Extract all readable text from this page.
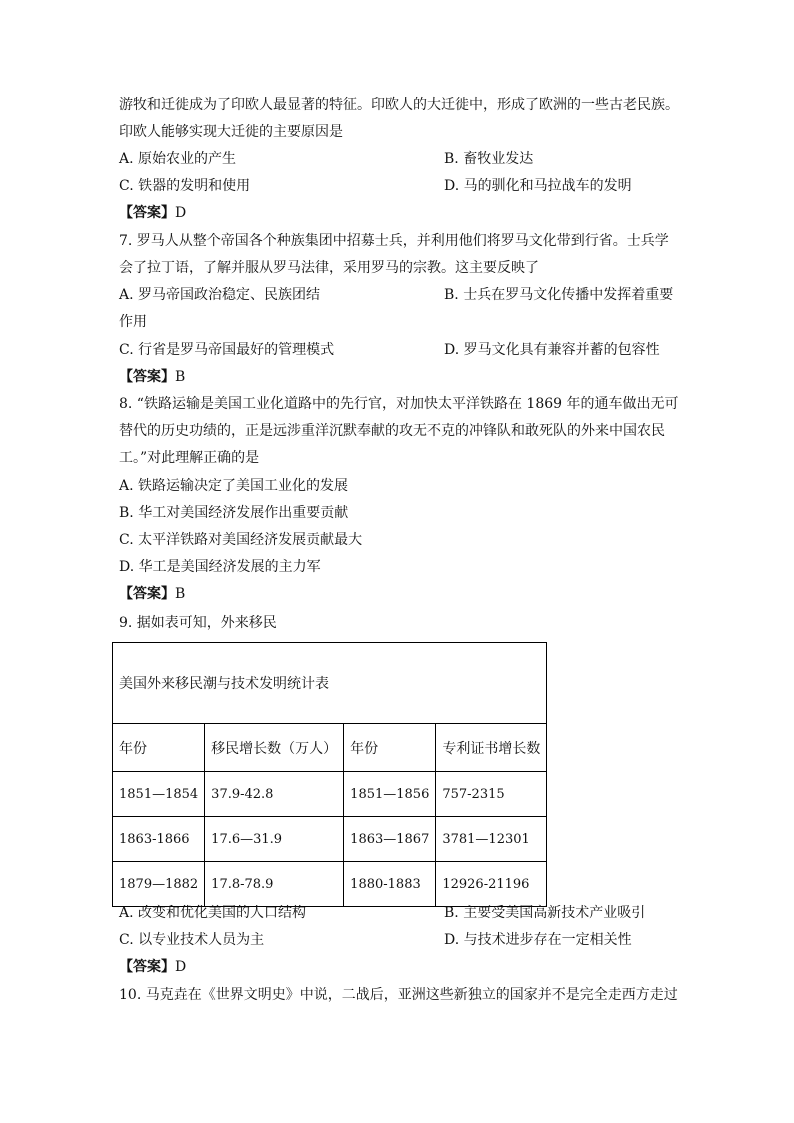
游牧和迁徙成为了印欧人最显著的特征。印欧人的大迁徙中，形成了欧洲的一些古老民族。
印欧人能够实现大迁徙的主要原因是
A. 原始农业的产生	B. 畜牧业发达
C. 铁器的发明和使用	D. 马的驯化和马拉战车的发明
【答案】D
7. 罗马人从整个帝国各个种族集团中招募士兵，并利用他们将罗马文化带到行省。士兵学
会了拉丁语，了解并服从罗马法律，采用罗马的宗教。这主要反映了
A. 罗马帝国政治稳定、民族团结	B. 士兵在罗马文化传播中发挥着重要
作用
C. 行省是罗马帝国最好的管理模式	D. 罗马文化具有兼容并蓄的包容性
【答案】B
8. “铁路运输是美国工业化道路中的先行官，对加快太平洋铁路在 1869 年的通车做出无可
替代的历史功绩的，正是远涉重洋沉默奉献的攻无不克的冲锋队和敢死队的外来中国农民
工。”对此理解正确的是
A. 铁路运输决定了美国工业化的发展
B. 华工对美国经济发展作出重要贡献
C. 太平洋铁路对美国经济发展贡献最大
D. 华工是美国经济发展的主力军
【答案】B
9. 据如表可知，外来移民
美国外来移民潮与技术发明统计表			
年份	移民增长数（万人）	年份	专利证书增长数
1851—1854	37.9-42.8	1851—1856	757-2315
1863-1866	17.6—31.9	1863—1867	3781—12301
1879—1882	17.8-78.9	1880-1883	12926-21196
A. 改变和优化美国的人口结构	B. 主要受美国高新技术产业吸引
C. 以专业技术人员为主	D. 与技术进步存在一定相关性
【答案】D
10. 马克垚在《世界文明史》中说，二战后，亚洲这些新独立的国家并不是完全走西方走过
